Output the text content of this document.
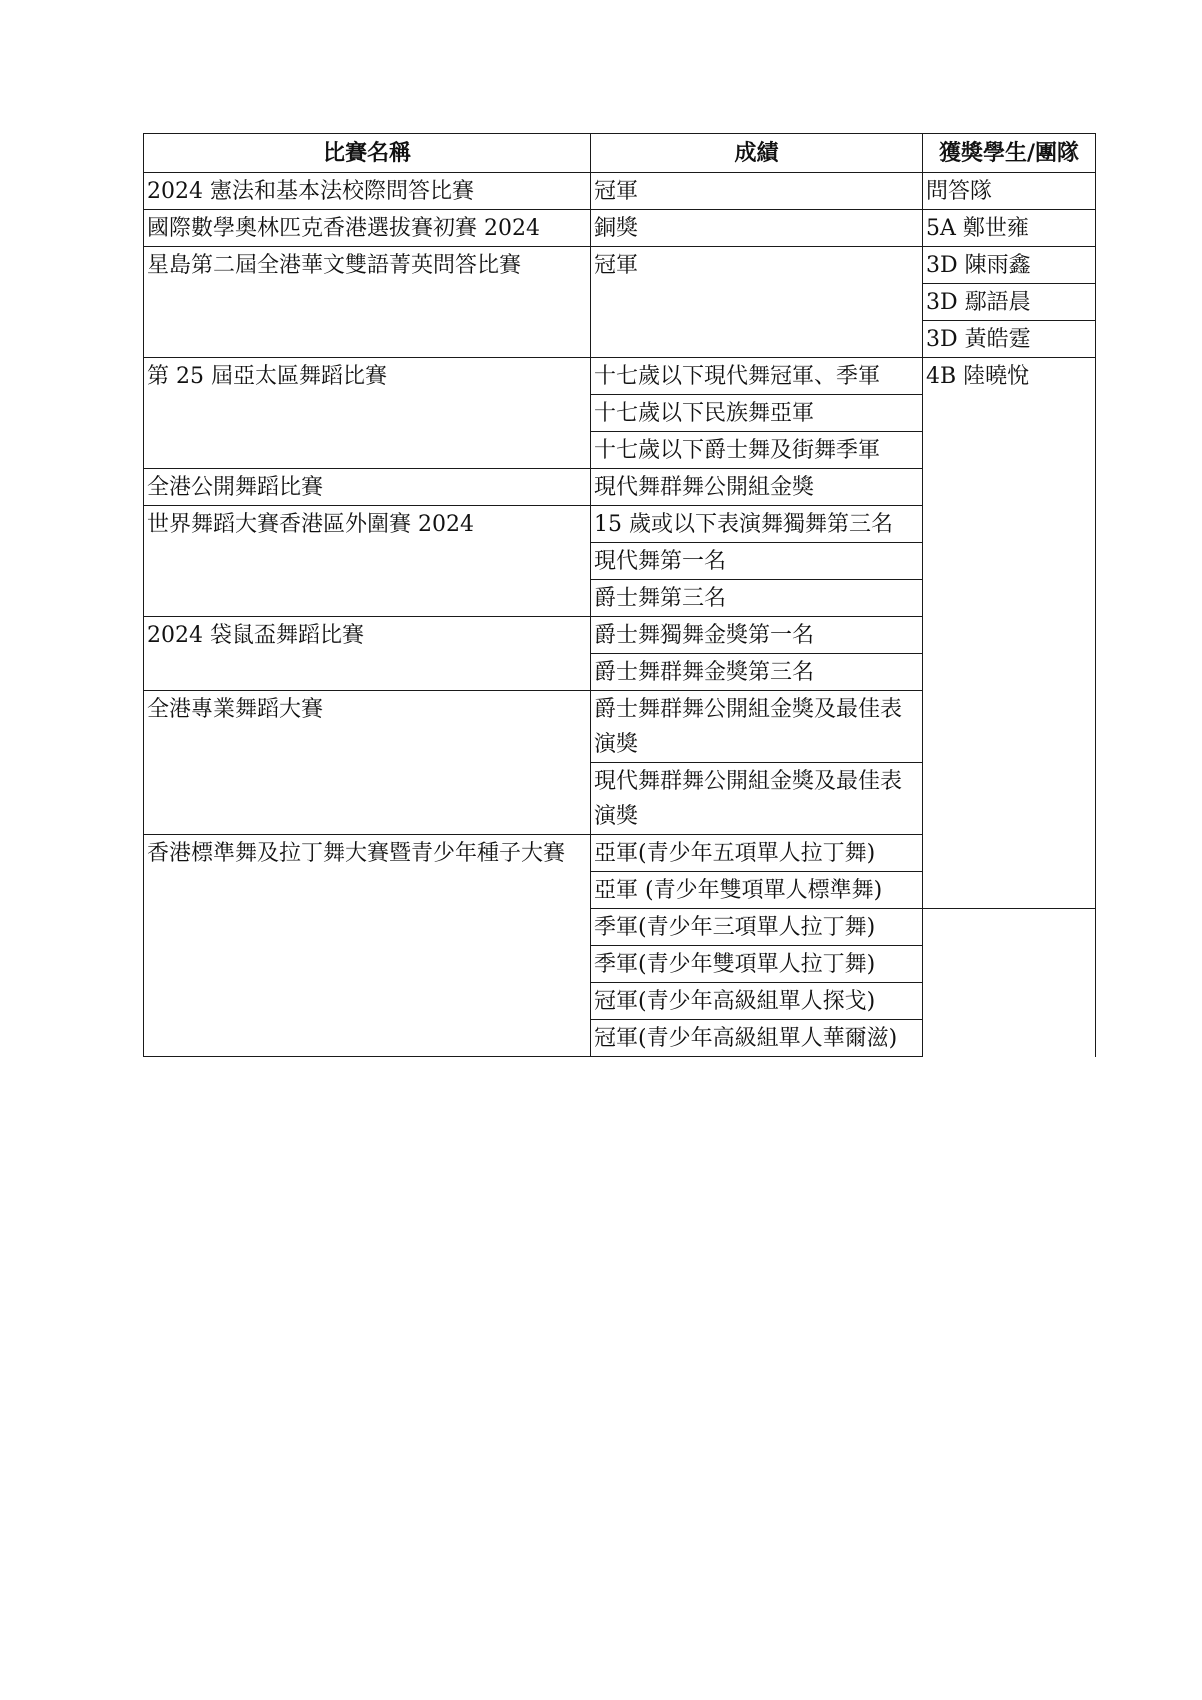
比賽名稱	成績	獲獎學生/團隊	
2024 憲法和基本法校際問答比賽	冠軍	問答隊	
國際數學奧林匹克香港選拔賽初賽 2024	銅獎	5A 鄭世雍	
星島第二屆全港華文雙語菁英問答比賽	冠軍	3D 陳雨鑫	
		3D 鄢語晨	
		3D 黃皓霆	
第 25 屆亞太區舞蹈比賽	十七歲以下現代舞冠軍、季軍	4B 陸曉悅	
	十七歲以下民族舞亞軍		
	十七歲以下爵士舞及街舞季軍		
全港公開舞蹈比賽	現代舞群舞公開組金獎		
世界舞蹈大賽香港區外圍賽 2024	15 歲或以下表演舞獨舞第三名		
	現代舞第一名		
	爵士舞第三名		
2024 袋鼠盃舞蹈比賽	爵士舞獨舞金獎第一名		
	爵士舞群舞金獎第三名		
全港專業舞蹈大賽	爵士舞群舞公開組金獎及最佳表演獎		
	現代舞群舞公開組金獎及最佳表演獎		
香港標準舞及拉丁舞大賽暨青少年種子大賽	亞軍(青少年五項單人拉丁舞)	
	亞軍 (青少年雙項單人標準舞)		
	季軍(青少年三項單人拉丁舞)		
	季軍(青少年雙項單人拉丁舞)		
	冠軍(青少年高級組單人探戈)		
	冠軍(青少年高級組單人華爾滋)		
